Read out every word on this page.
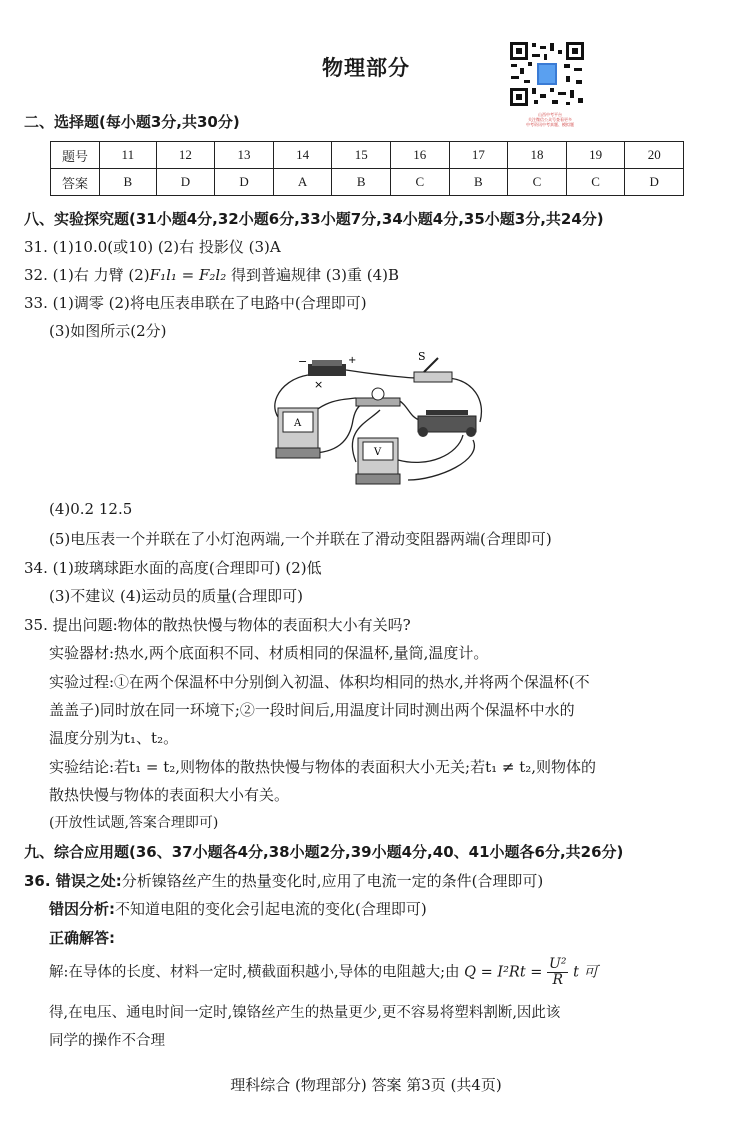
物理部分
山西中考平台
关注微信公众号查看更多
中考资讯中考真题、模拟题
二、选择题(每小题3分,共30分)
题号	11	12	13	14	15	16	17	18	19	20
答案	B	D	D	A	B	C	B	C	C	D
八、实验探究题(31小题4分,32小题6分,33小题7分,34小题4分,35小题3分,共24分)
31. (1)10.0(或10) (2)右 投影仪 (3)A
32. (1)右 力臂 (2)F₁l₁ = F₂l₂ 得到普遍规律 (3)重 (4)B
33. (1)调零 (2)将电压表串联在了电路中(合理即可)
(3)如图所示(2分)
−	+
×
S
A
V
(4)0.2 12.5
(5)电压表一个并联在了小灯泡两端,一个并联在了滑动变阻器两端(合理即可)
34. (1)玻璃球距水面的高度(合理即可) (2)低
(3)不建议 (4)运动员的质量(合理即可)
35. 提出问题:物体的散热快慢与物体的表面积大小有关吗?
实验器材:热水,两个底面积不同、材质相同的保温杯,量筒,温度计。
实验过程:①在两个保温杯中分别倒入初温、体积均相同的热水,并将两个保温杯(不
盖盖子)同时放在同一环境下;②一段时间后,用温度计同时测出两个保温杯中水的
温度分别为t₁、t₂。
实验结论:若t₁ = t₂,则物体的散热快慢与物体的表面积大小无关;若t₁ ≠ t₂,则物体的
散热快慢与物体的表面积大小有关。
(开放性试题,答案合理即可)
九、综合应用题(36、37小题各4分,38小题2分,39小题4分,40、41小题各6分,共26分)
36. 错误之处:分析镍铬丝产生的热量变化时,应用了电流一定的条件(合理即可)
错因分析:不知道电阻的变化会引起电流的变化(合理即可)
正确解答:
解:在导体的长度、材料一定时,横截面积越小,导体的电阻越大;由 $Q = I^2Rt = \frac{\text{U²}}{R}$ t 可
得,在电压、通电时间一定时,镍铬丝产生的热量更少,更不容易将塑料割断,因此该
同学的操作不合理
理科综合 (物理部分) 答案 第3页 (共4页)
